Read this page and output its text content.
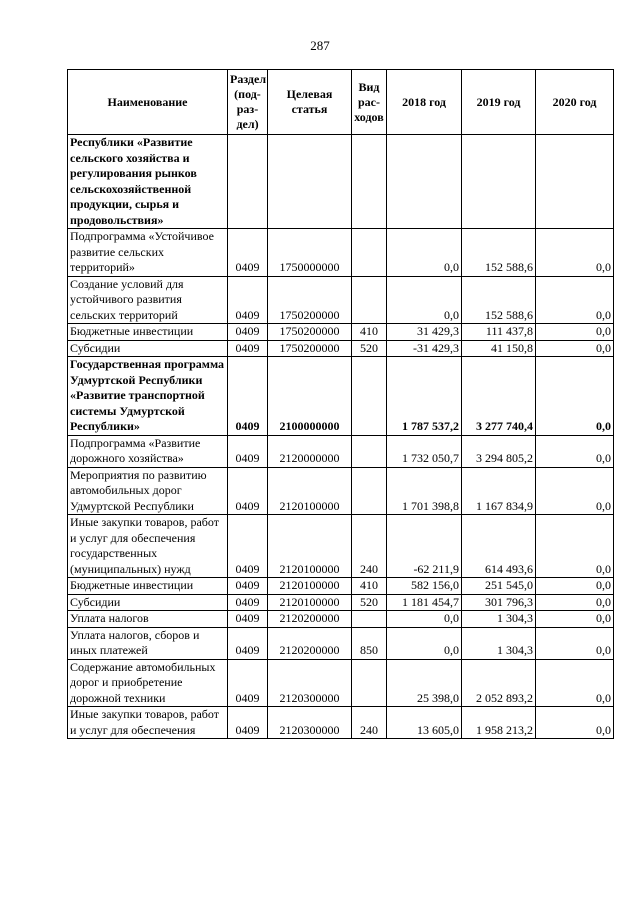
287
Наименование	Раздел (под- раз- дел)	Целевая статья	Вид рас- ходов	2018 год	2019 год	2020 год
Республики «Развитие сельского хозяйства и регулирования рынков сельскохозяйственной продукции, сырья и продовольствия»						
Подпрограмма «Устойчивое развитие сельских территорий»	0409	1750000000		0,0	152 588,6	0,0
Создание условий для устойчивого развития сельских территорий	0409	1750200000		0,0	152 588,6	0,0
Бюджетные инвестиции	0409	1750200000	410	31 429,3	111 437,8	0,0
Субсидии	0409	1750200000	520	-31 429,3	41 150,8	0,0
Государственная программа Удмуртской Республики «Развитие транспортной системы Удмуртской Республики»	0409	2100000000		1 787 537,2	3 277 740,4	0,0
Подпрограмма «Развитие дорожного хозяйства»	0409	2120000000		1 732 050,7	3 294 805,2	0,0
Мероприятия по развитию автомобильных дорог Удмуртской Республики	0409	2120100000		1 701 398,8	1 167 834,9	0,0
Иные закупки товаров, работ и услуг для обеспечения государственных (муниципальных) нужд	0409	2120100000	240	-62 211,9	614 493,6	0,0
Бюджетные инвестиции	0409	2120100000	410	582 156,0	251 545,0	0,0
Субсидии	0409	2120100000	520	1 181 454,7	301 796,3	0,0
Уплата налогов	0409	2120200000		0,0	1 304,3	0,0
Уплата налогов, сборов и иных платежей	0409	2120200000	850	0,0	1 304,3	0,0
Содержание автомобильных дорог и приобретение дорожной техники	0409	2120300000		25 398,0	2 052 893,2	0,0
Иные закупки товаров, работ и услуг для обеспечения	0409	2120300000	240	13 605,0	1 958 213,2	0,0
